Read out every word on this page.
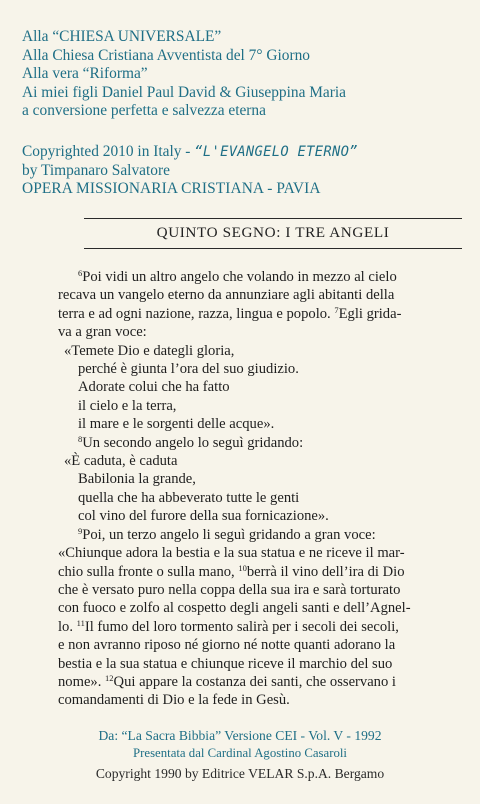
Alla “CHIESA UNIVERSALE”
Alla Chiesa Cristiana Avventista del 7° Giorno
Alla vera “Riforma”
Ai miei figli Daniel Paul David & Giuseppina Maria
a conversione perfetta e salvezza eterna
Copyrighted 2010 in Italy - “L'EVANGELO ETERNO”
by Timpanaro Salvatore
OPERA MISSIONARIA CRISTIANA - PAVIA
QUINTO SEGNO: I TRE ANGELI
$^6$Poi vidi un altro angelo che volando in mezzo al cielo
recava un vangelo eterno da annunziare agli abitanti della
terra e ad ogni nazione, razza, lingua e popolo. $^7$Egli grida-
va a gran voce:
«Temete Dio e dategli gloria,
perché è giunta l’ora del suo giudizio.
Adorate colui che ha fatto
il cielo e la terra,
il mare e le sorgenti delle acque».
$^8$Un secondo angelo lo seguì gridando:
«È caduta, è caduta
Babilonia la grande,
quella che ha abbeverato tutte le genti
col vino del furore della sua fornicazione».
$^9$Poi, un terzo angelo li seguì gridando a gran voce:
«Chiunque adora la bestia e la sua statua e ne riceve il mar-
chio sulla fronte o sulla mano, $^{10}$berrà il vino dell’ira di Dio
che è versato puro nella coppa della sua ira e sarà torturato
con fuoco e zolfo al cospetto degli angeli santi e dell’Agnel-
lo. $^{11}$Il fumo del loro tormento salirà per i secoli dei secoli,
e non avranno riposo né giorno né notte quanti adorano la
bestia e la sua statua e chiunque riceve il marchio del suo
nome». $^{12}$Qui appare la costanza dei santi, che osservano i
comandamenti di Dio e la fede in Gesù.
Da: “La Sacra Bibbia” Versione CEI - Vol. V - 1992
Presentata dal Cardinal Agostino Casaroli
Copyright 1990 by Editrice VELAR S.p.A. Bergamo
